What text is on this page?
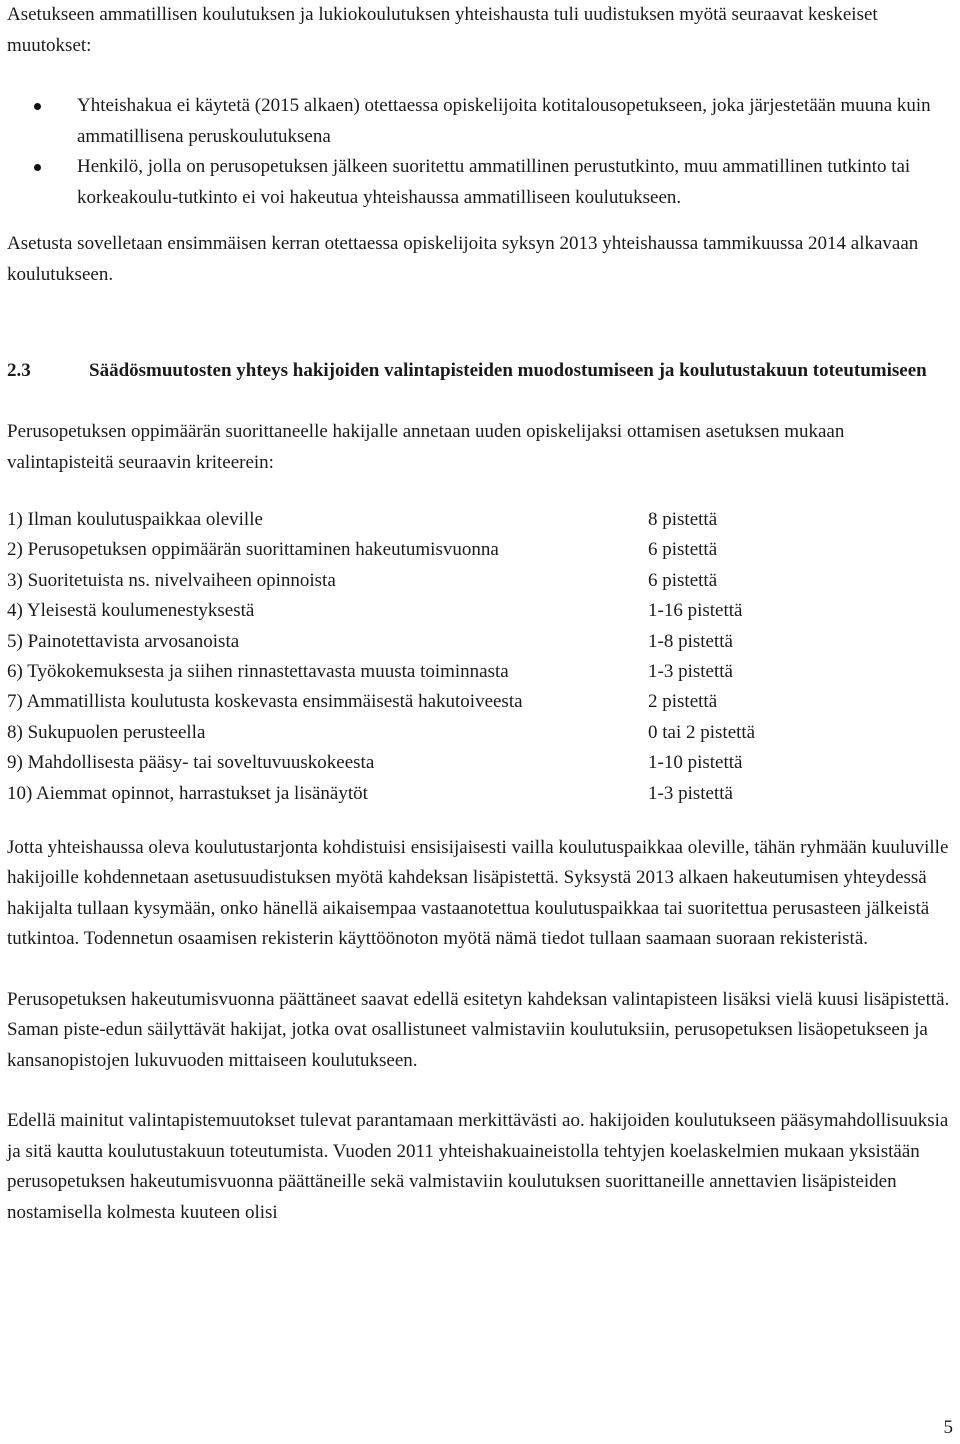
Asetukseen ammatillisen koulutuksen ja lukiokoulutuksen yhteishausta tuli uudistuksen myötä seuraavat keskeiset muutokset:

Yhteishakua ei käytetä (2015 alkaen) otettaessa opiskelijoita kotitalousopetukseen, joka järjestetään muuna kuin ammatillisena peruskoulutuksena
Henkilö, jolla on perusopetuksen jälkeen suoritettu ammatillinen perustutkinto, muu ammatillinen tutkinto tai korkeakoulu-tutkinto ei voi hakeutua yhteishaussa ammatilliseen koulutukseen.

Asetusta sovelletaan ensimmäisen kerran otettaessa opiskelijoita syksyn 2013 yhteishaussa tammikuussa 2014 alkavaan koulutukseen.

2.3	Säädösmuutosten yhteys hakijoiden valintapisteiden muodostumiseen ja koulutustakuun toteutumiseen

Perusopetuksen oppimäärän suorittaneelle hakijalle annetaan uuden opiskelijaksi ottamisen asetuksen mukaan valintapisteitä seuraavin kriteerein:

1) Ilman koulutuspaikkaa oleville	8 pistettä
2) Perusopetuksen oppimäärän suorittaminen hakeutumisvuonna	6 pistettä
3) Suoritetuista ns. nivelvaiheen opinnoista	6 pistettä
4) Yleisestä koulumenestyksestä	1-16 pistettä
5) Painotettavista arvosanoista	1-8 pistettä
6) Työkokemuksesta ja siihen rinnastettavasta muusta toiminnasta	1-3 pistettä
7) Ammatillista koulutusta koskevasta ensimmäisestä hakutoiveesta	2 pistettä
8) Sukupuolen perusteella	0 tai 2 pistettä
9) Mahdollisesta pääsy- tai soveltuvuuskokeesta	1-10 pistettä
10) Aiemmat opinnot, harrastukset ja lisänäytöt	1-3 pistettä

Jotta yhteishaussa oleva koulutustarjonta kohdistuisi ensisijaisesti vailla koulutuspaikkaa oleville, tähän ryhmään kuuluville hakijoille kohdennetaan asetusuudistuksen myötä kahdeksan lisäpistettä. Syksystä 2013 alkaen hakeutumisen yhteydessä hakijalta tullaan kysymään, onko hänellä aikaisempaa vastaanotettua koulutuspaikkaa tai suoritettua perusasteen jälkeistä tutkintoa. Todennetun osaamisen rekisterin käyttöönoton myötä nämä tiedot tullaan saamaan suoraan rekisteristä.

Perusopetuksen hakeutumisvuonna päättäneet saavat edellä esitetyn kahdeksan valintapisteen lisäksi vielä kuusi lisäpistettä. Saman piste-edun säilyttävät hakijat, jotka ovat osallistuneet valmistaviin koulutuksiin, perusopetuksen lisäopetukseen ja kansanopistojen lukuvuoden mittaiseen koulutukseen.

Edellä mainitut valintapistemuutokset tulevat parantamaan merkittävästi ao. hakijoiden koulutukseen pääsymahdollisuuksia ja sitä kautta koulutustakuun toteutumista. Vuoden 2011 yhteishakuaineistolla tehtyjen koelaskelmien mukaan yksistään perusopetuksen hakeutumisvuonna päättäneille sekä valmistaviin koulutuksen suorittaneille annettavien lisäpisteiden nostamisella kolmesta kuuteen olisi

5
